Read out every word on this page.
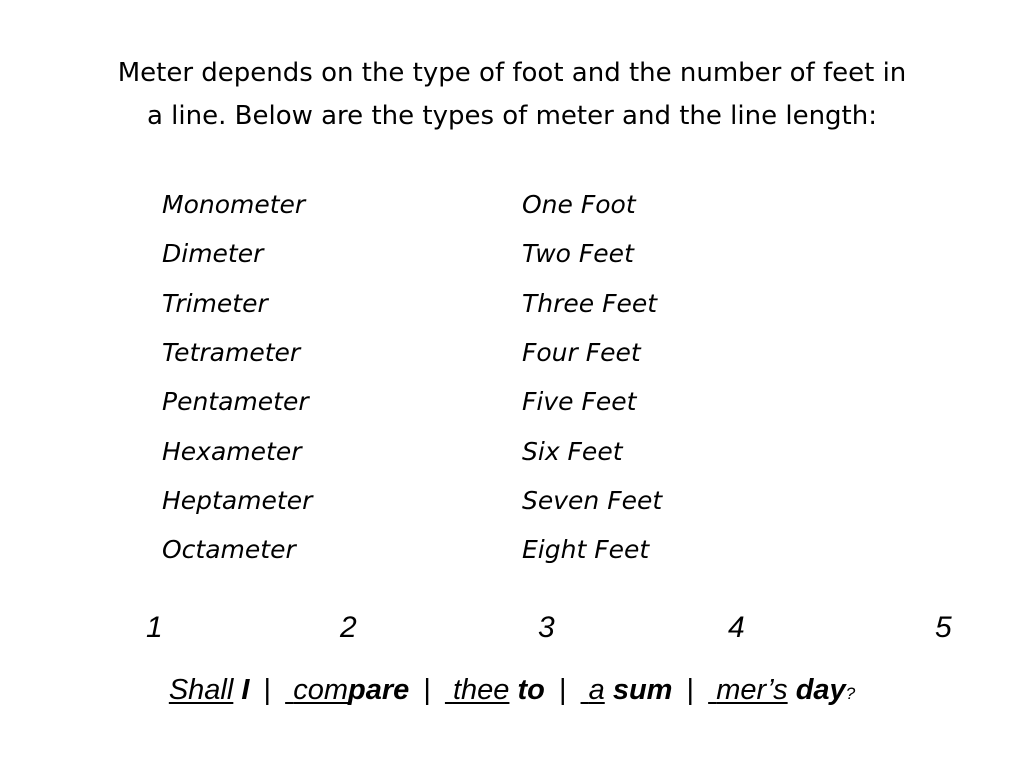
Meter depends on the type of foot and the number of feet in
a line. Below are the types of meter and the line length:
Monometer	One Foot
Dimeter	Two Feet
Trimeter	Three Feet
Tetrameter	Four Feet
Pentameter	Five Feet
Hexameter	Six Feet
Heptameter	Seven Feet
Octameter	Eight Feet
1	2	3	4	5
Shall I | compare | thee to | a sum | mer’s day?
